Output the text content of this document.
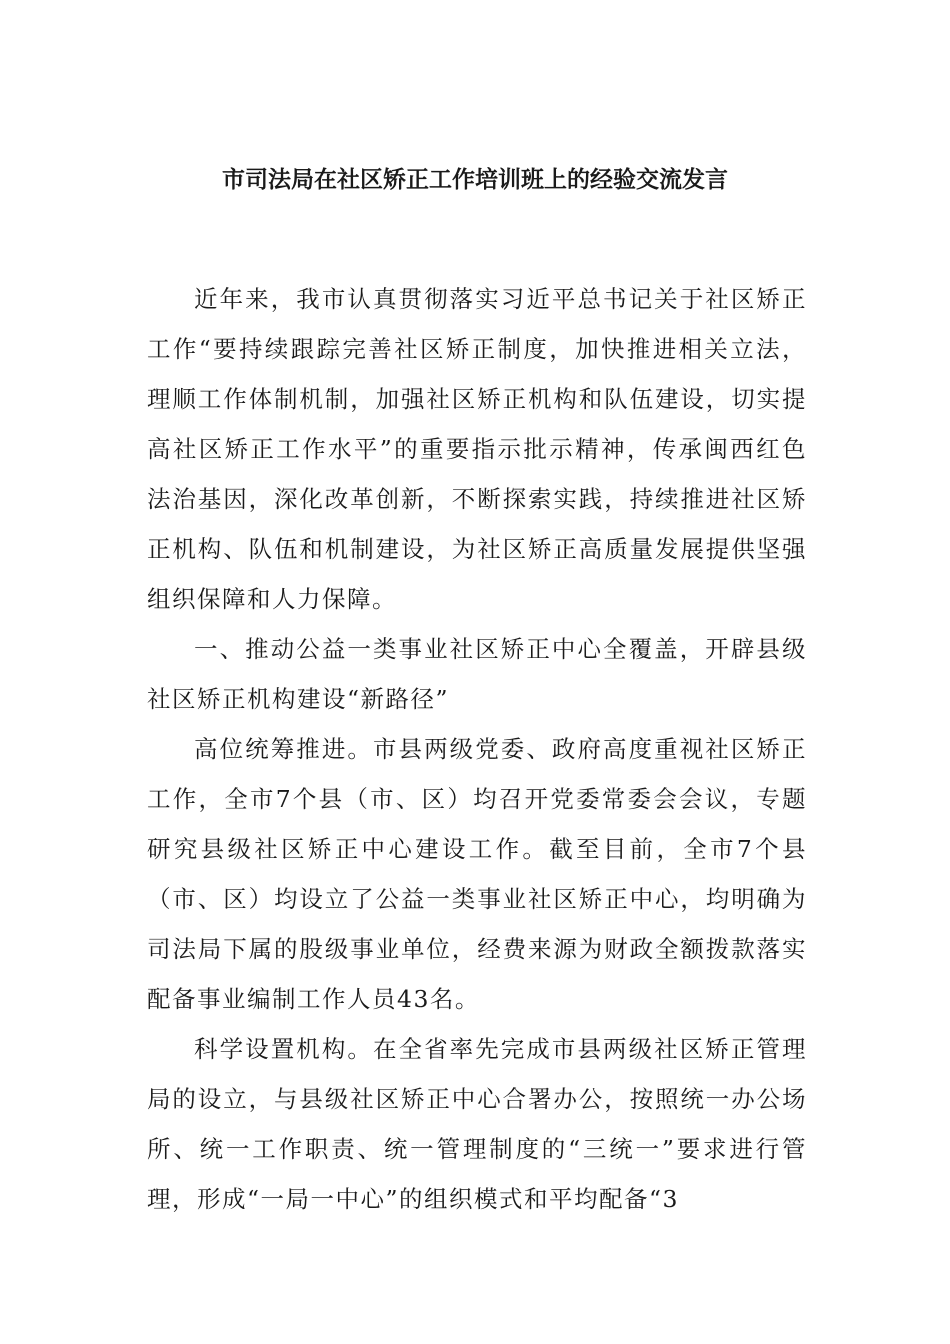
市司法局在社区矫正工作培训班上的经验交流发言

近年来，我市认真贯彻落实习近平总书记关于社区矫正工作“要持续跟踪完善社区矫正制度，加快推进相关立法，理顺工作体制机制，加强社区矫正机构和队伍建设，切实提高社区矫正工作水平”的重要指示批示精神，传承闽西红色法治基因，深化改革创新，不断探索实践，持续推进社区矫正机构、队伍和机制建设，为社区矫正高质量发展提供坚强组织保障和人力保障。

一、推动公益一类事业社区矫正中心全覆盖，开辟县级社区矫正机构建设“新路径”

高位统筹推进。市县两级党委、政府高度重视社区矫正工作，全市7个县（市、区）均召开党委常委会会议，专题研究县级社区矫正中心建设工作。截至目前，全市7个县（市、区）均设立了公益一类事业社区矫正中心，均明确为司法局下属的股级事业单位，经费来源为财政全额拨款落实配备事业编制工作人员43名。

科学设置机构。在全省率先完成市县两级社区矫正管理局的设立，与县级社区矫正中心合署办公，按照统一办公场所、统一工作职责、统一管理制度的“三统一”要求进行管理，形成“一局一中心”的组织模式和平均配备“3
